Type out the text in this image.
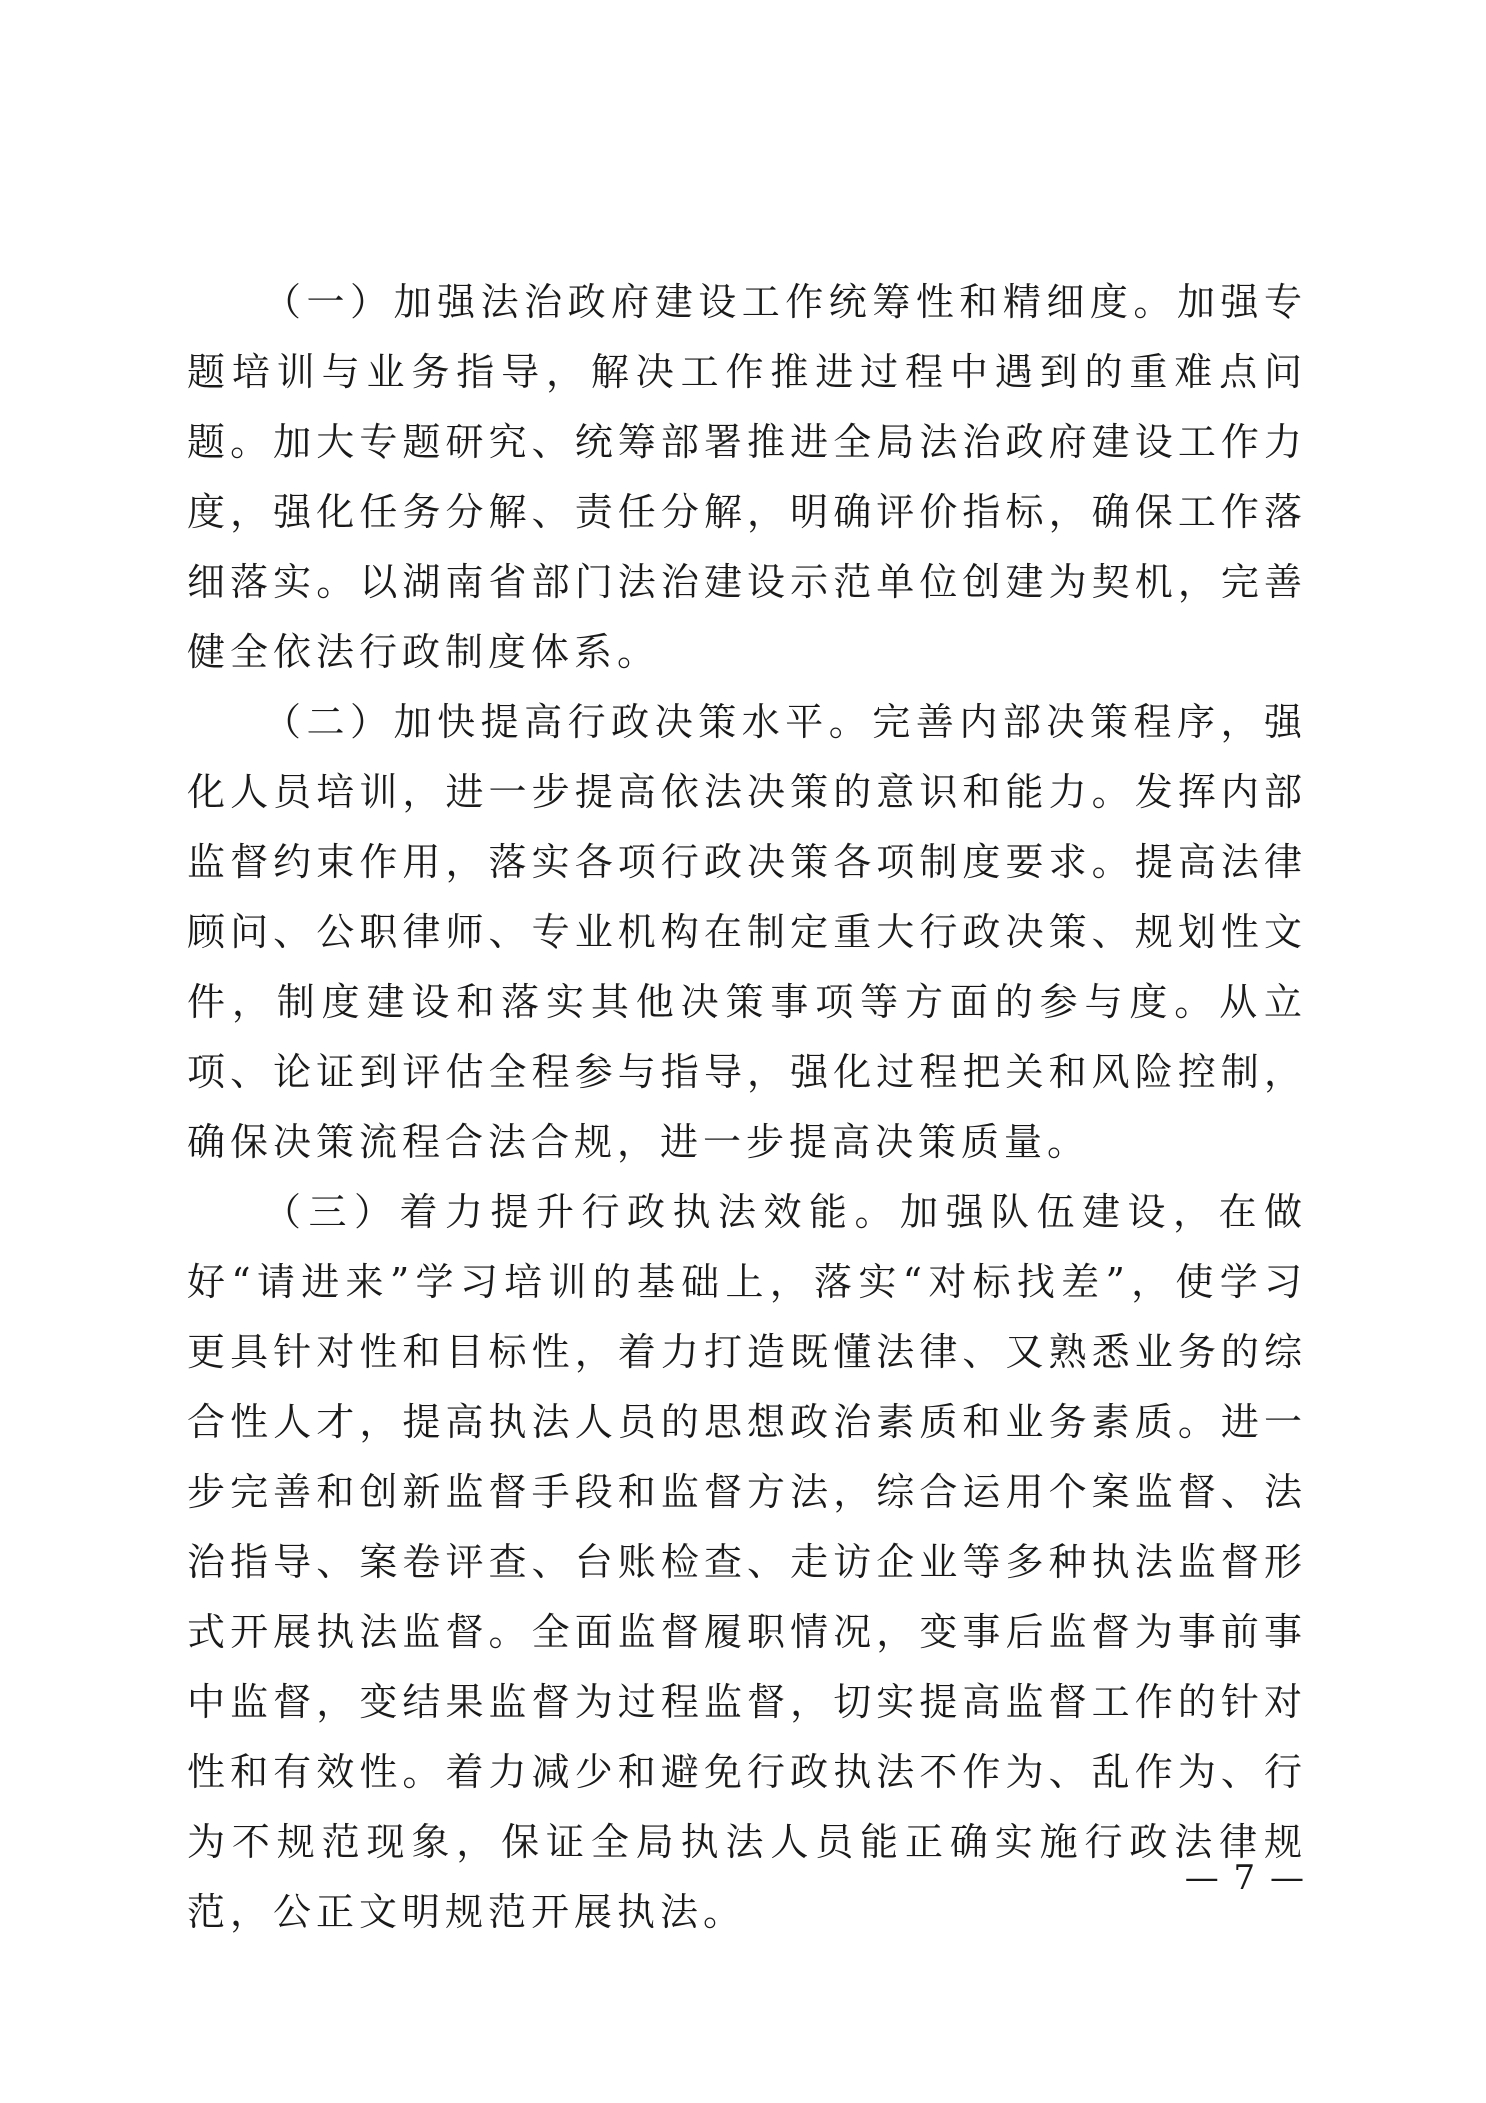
（一）加强法治政府建设工作统筹性和精细度。加强专题培训与业务指导，解决工作推进过程中遇到的重难点问题。加大专题研究、统筹部署推进全局法治政府建设工作力度，强化任务分解、责任分解，明确评价指标，确保工作落细落实。以湖南省部门法治建设示范单位创建为契机，完善健全依法行政制度体系。

（二）加快提高行政决策水平。完善内部决策程序，强化人员培训，进一步提高依法决策的意识和能力。发挥内部监督约束作用，落实各项行政决策各项制度要求。提高法律顾问、公职律师、专业机构在制定重大行政决策、规划性文件，制度建设和落实其他决策事项等方面的参与度。从立项、论证到评估全程参与指导，强化过程把关和风险控制，确保决策流程合法合规，进一步提高决策质量。

（三）着力提升行政执法效能。加强队伍建设，在做好“请进来”学习培训的基础上，落实“对标找差”，使学习更具针对性和目标性，着力打造既懂法律、又熟悉业务的综合性人才，提高执法人员的思想政治素质和业务素质。进一步完善和创新监督手段和监督方法，综合运用个案监督、法治指导、案卷评查、台账检查、走访企业等多种执法监督形式开展执法监督。全面监督履职情况，变事后监督为事前事中监督，变结果监督为过程监督，切实提高监督工作的针对性和有效性。着力减少和避免行政执法不作为、乱作为、行为不规范现象，保证全局执法人员能正确实施行政法律规范，公正文明规范开展执法。

— 7 —
